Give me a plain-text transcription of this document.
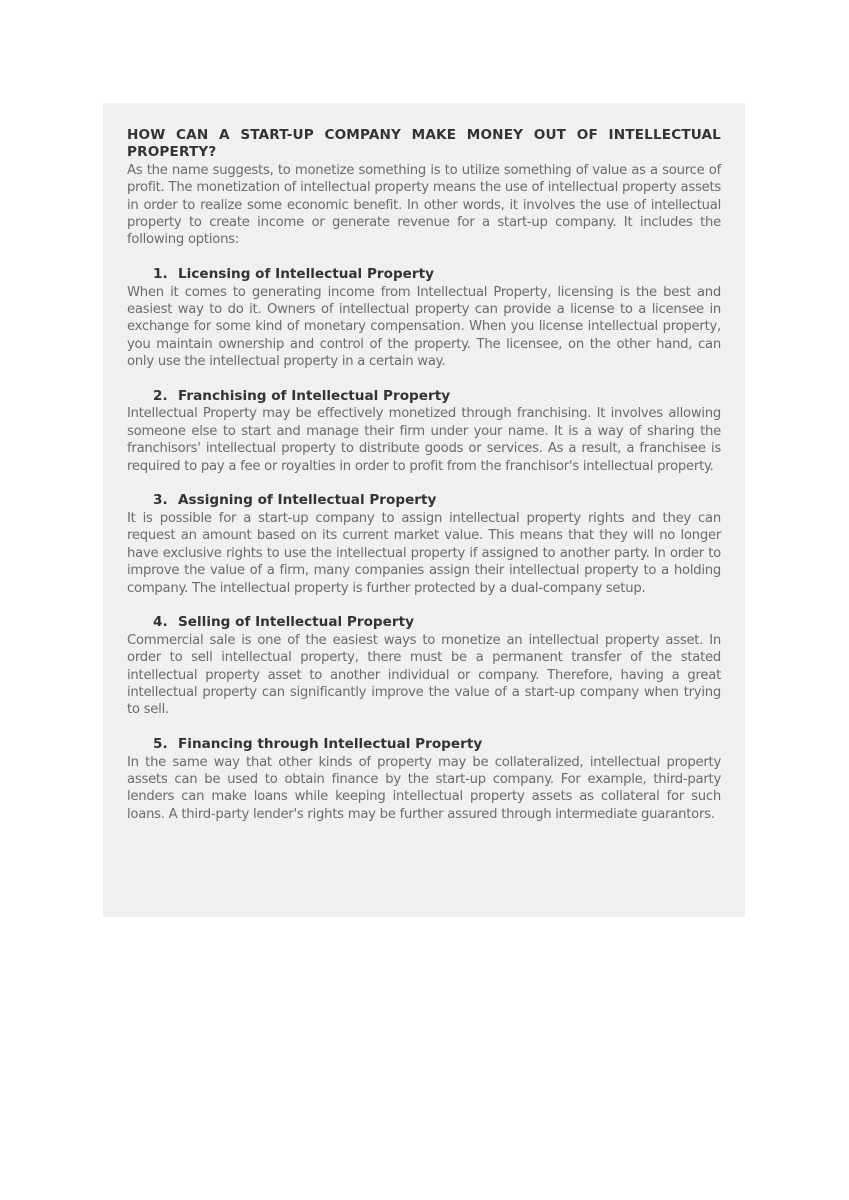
HOW CAN A START-UP COMPANY MAKE MONEY OUT OF INTELLECTUAL PROPERTY?

As the name suggests, to monetize something is to utilize something of value as a source of profit. The monetization of intellectual property means the use of intellectual property assets in order to realize some economic benefit. In other words, it involves the use of intellectual property to create income or generate revenue for a start-up company. It includes the following options:

1. Licensing of Intellectual Property

When it comes to generating income from Intellectual Property, licensing is the best and easiest way to do it. Owners of intellectual property can provide a license to a licensee in exchange for some kind of monetary compensation. When you license intellectual property, you maintain ownership and control of the property. The licensee, on the other hand, can only use the intellectual property in a certain way.

2. Franchising of Intellectual Property

Intellectual Property may be effectively monetized through franchising. It involves allowing someone else to start and manage their firm under your name. It is a way of sharing the franchisors' intellectual property to distribute goods or services. As a result, a franchisee is required to pay a fee or royalties in order to profit from the franchisor's intellectual property.

3. Assigning of Intellectual Property

It is possible for a start-up company to assign intellectual property rights and they can request an amount based on its current market value. This means that they will no longer have exclusive rights to use the intellectual property if assigned to another party. In order to improve the value of a firm, many companies assign their intellectual property to a holding company. The intellectual property is further protected by a dual-company setup.

4. Selling of Intellectual Property

Commercial sale is one of the easiest ways to monetize an intellectual property asset. In order to sell intellectual property, there must be a permanent transfer of the stated intellectual property asset to another individual or company. Therefore, having a great intellectual property can significantly improve the value of a start-up company when trying to sell.

5. Financing through Intellectual Property

In the same way that other kinds of property may be collateralized, intellectual property assets can be used to obtain finance by the start-up company. For example, third-party lenders can make loans while keeping intellectual property assets as collateral for such loans. A third-party lender's rights may be further assured through intermediate guarantors.
